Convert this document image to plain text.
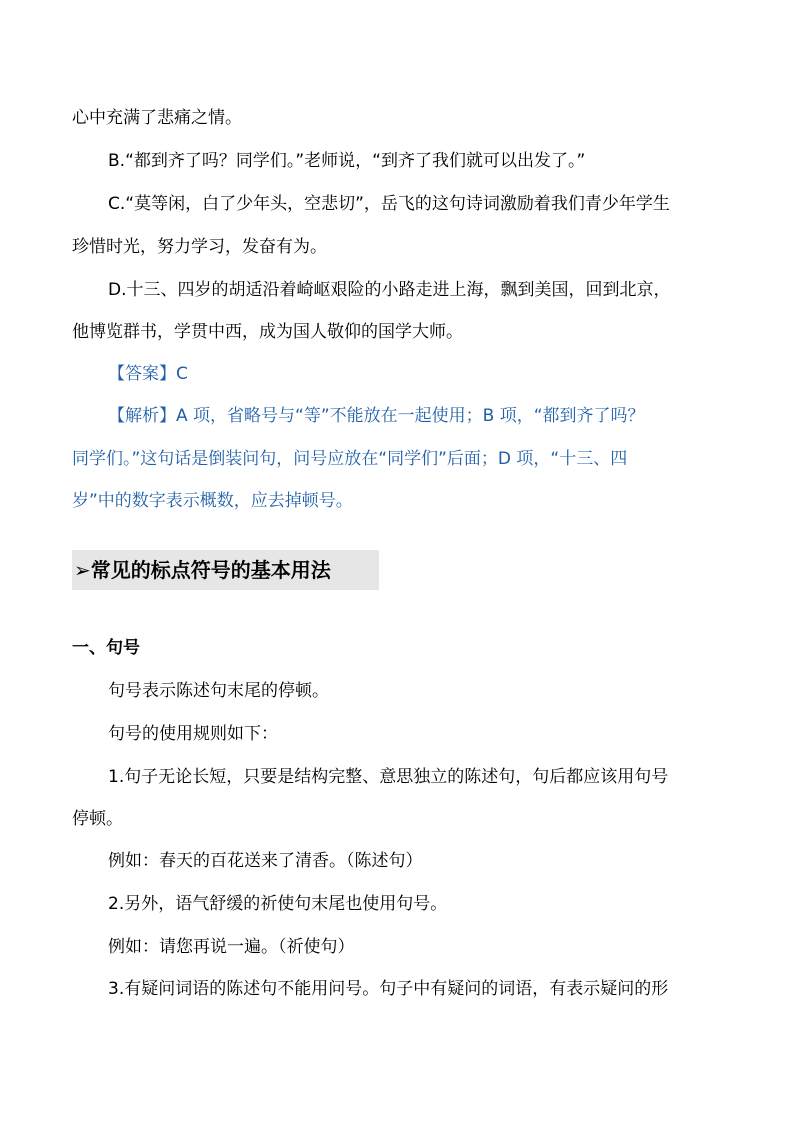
心中充满了悲痛之情。
B.“都到齐了吗？同学们。”老师说，“到齐了我们就可以出发了。”
C.“莫等闲，白了少年头，空悲切”，岳飞的这句诗词激励着我们青少年学生
珍惜时光，努力学习，发奋有为。
D.十三、四岁的胡适沿着崎岖艰险的小路走进上海，飘到美国，回到北京，
他博览群书，学贯中西，成为国人敬仰的国学大师。
【答案】C
【解析】A 项，省略号与“等”不能放在一起使用；B 项，“都到齐了吗？
同学们。”这句话是倒装问句，问号应放在“同学们”后面；D 项，“十三、四
岁”中的数字表示概数，应去掉顿号。
➢常见的标点符号的基本用法
一、句号
句号表示陈述句末尾的停顿。
句号的使用规则如下：
1.句子无论长短，只要是结构完整、意思独立的陈述句，句后都应该用句号
停顿。
例如：春天的百花送来了清香。（陈述句）
2.另外，语气舒缓的祈使句末尾也使用句号。
例如：请您再说一遍。（祈使句）
3.有疑问词语的陈述句不能用问号。句子中有疑问的词语，有表示疑问的形
